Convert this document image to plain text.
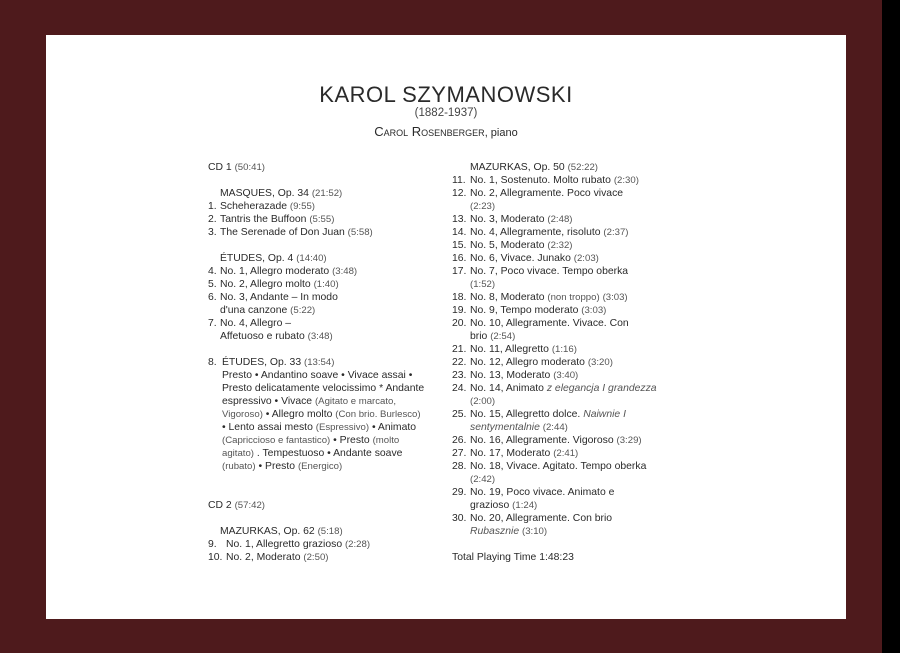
KAROL SZYMANOWSKI
(1882-1937)
Carol Rosenberger, piano
CD 1 (50:41)
MASQUES, Op. 34 (21:52)
1. Scheherazade (9:55)
2. Tantris the Buffoon (5:55)
3. The Serenade of Don Juan (5:58)
ÉTUDES, Op. 4 (14:40)
4. No. 1, Allegro moderato (3:48)
5. No. 2, Allegro molto (1:40)
6. No. 3, Andante – In modo
d'una canzone (5:22)
7. No. 4, Allegro –
Affetuoso e rubato (3:48)
8. ÉTUDES, Op. 33 (13:54)
Presto • Andantino soave • Vivace assai •
Presto delicatamente velocissimo * Andante
espressivo • Vivace (Agitato e marcato,
Vigoroso) • Allegro molto (Con brio. Burlesco)
• Lento assai mesto (Espressivo) • Animato
(Capriccioso e fantastico) • Presto (molto
agitato) . Tempestuoso • Andante soave
(rubato) • Presto (Energico)
CD 2 (57:42)
MAZURKAS, Op. 62 (5:18)
9. No. 1, Allegretto grazioso (2:28)
10. No. 2, Moderato (2:50)
MAZURKAS, Op. 50 (52:22)
11. No. 1, Sostenuto. Molto rubato (2:30)
12. No. 2, Allegramente. Poco vivace
(2:23)
13. No. 3, Moderato (2:48)
14. No. 4, Allegramente, risoluto (2:37)
15. No. 5, Moderato (2:32)
16. No. 6, Vivace. Junako (2:03)
17. No. 7, Poco vivace. Tempo oberka
(1:52)
18. No. 8, Moderato (non troppo) (3:03)
19. No. 9, Tempo moderato (3:03)
20. No. 10, Allegramente. Vivace. Con
brio (2:54)
21. No. 11, Allegretto (1:16)
22. No. 12, Allegro moderato (3:20)
23. No. 13, Moderato (3:40)
24. No. 14, Animato z elegancja I grandezza
(2:00)
25. No. 15, Allegretto dolce. Naiwnie I
sentymentalnie (2:44)
26. No. 16, Allegramente. Vigoroso (3:29)
27. No. 17, Moderato (2:41)
28. No. 18, Vivace. Agitato. Tempo oberka
(2:42)
29. No. 19, Poco vivace. Animato e
grazioso (1:24)
30. No. 20, Allegramente. Con brio
Rubasznie (3:10)
Total Playing Time 1:48:23
